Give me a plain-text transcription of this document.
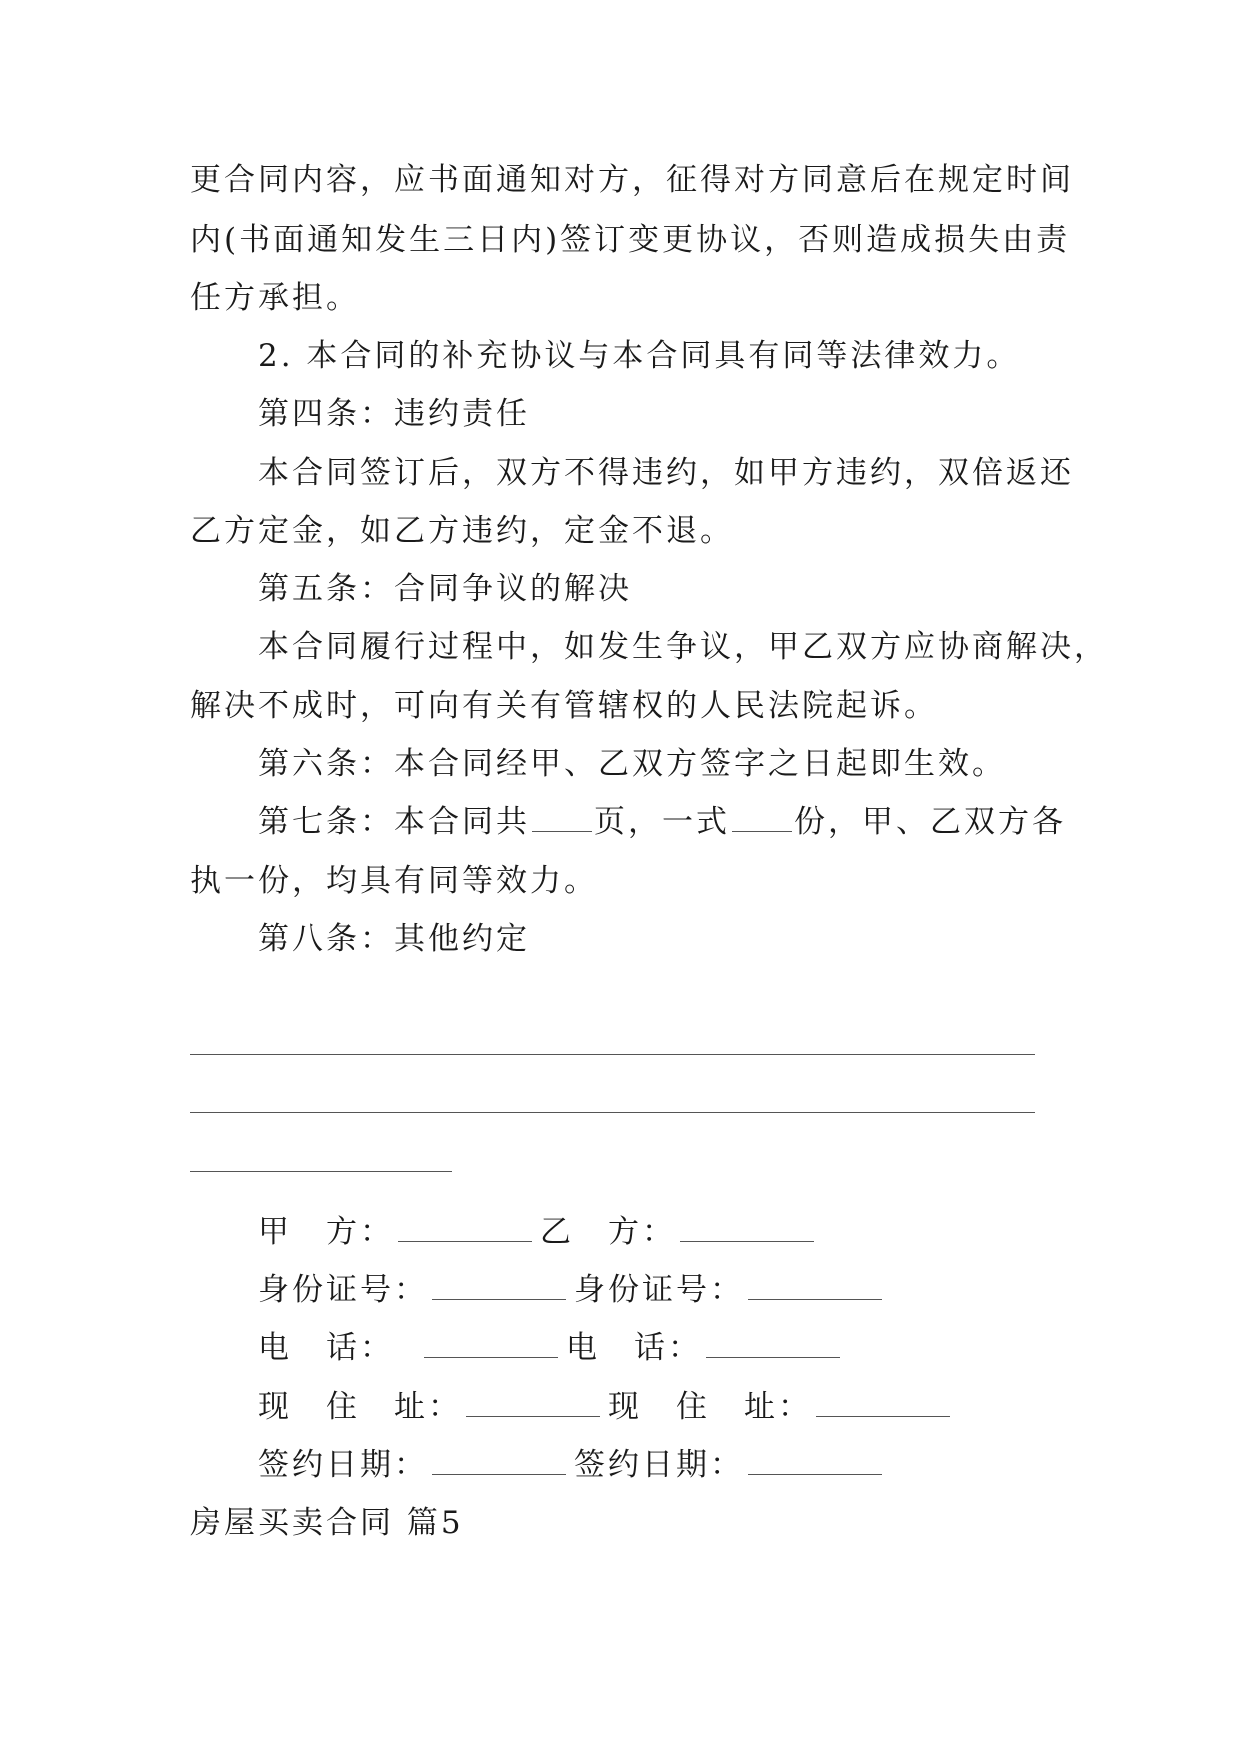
更合同内容，应书面通知对方，征得对方同意后在规定时间
内(书面通知发生三日内)签订变更协议，否则造成损失由责
任方承担。
2. 本合同的补充协议与本合同具有同等法律效力。
第四条：违约责任
本合同签订后，双方不得违约，如甲方违约，双倍返还
乙方定金，如乙方违约，定金不退。
第五条：合同争议的解决
本合同履行过程中，如发生争议，甲乙双方应协商解决，
解决不成时，可向有关有管辖权的人民法院起诉。
第六条：本合同经甲、乙双方签字之日起即生效。
第七条：本合同共 页，一式 份，甲、乙双方各
执一份，均具有同等效力。
第八条：其他约定
甲　方：	乙　方：
身份证号：	身份证号：
电　话：	电　话：
现　住　址：	现　住　址：
签约日期：	签约日期：
房屋买卖合同 篇5
